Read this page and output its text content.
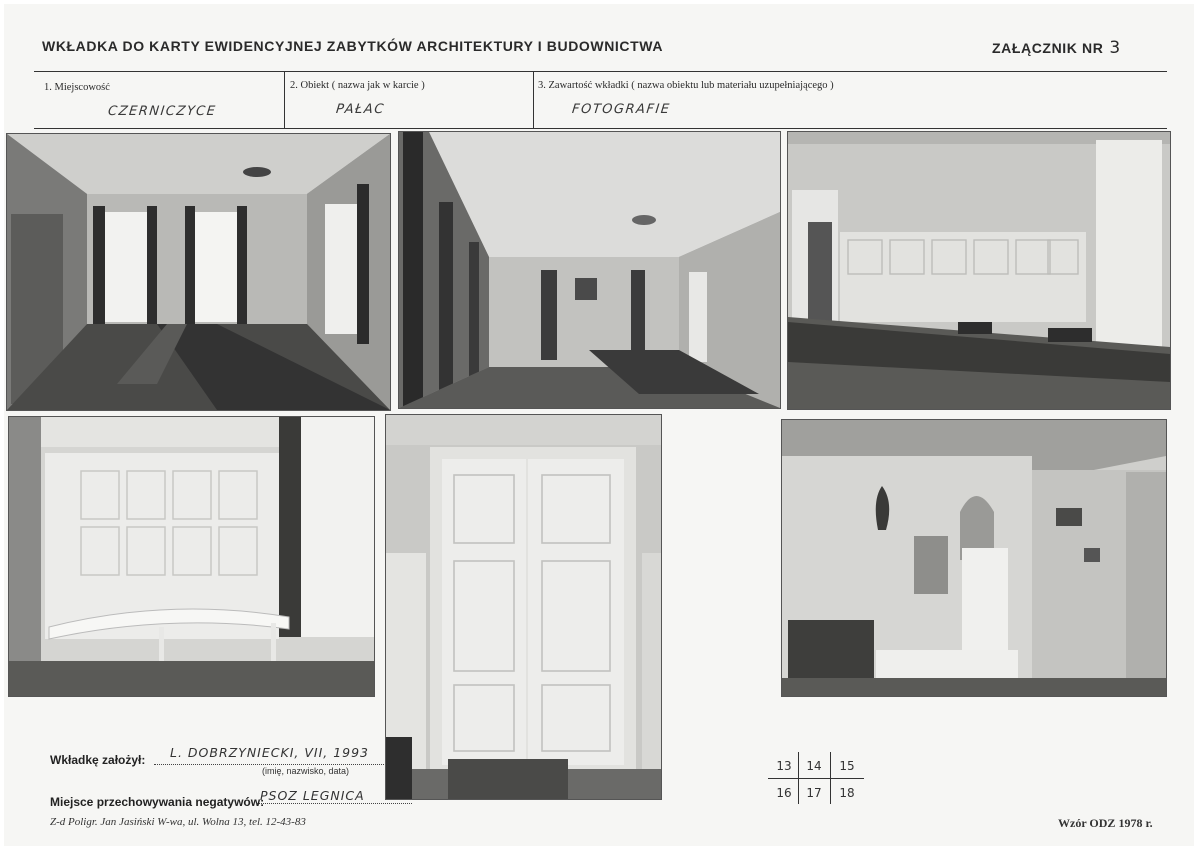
WKŁADKA DO KARTY EWIDENCYJNEJ ZABYTKÓW ARCHITEKTURY I BUDOWNICTWA	ZAŁĄCZNIK NR 3
1. Miejscowość
CZERNICZYCE
2. Obiekt ( nazwa jak w karcie )
PAŁAC
3. Zawartość wkładki ( nazwa obiektu lub materiału uzupełniającego )
FOTOGRAFIE
Wkładkę założył: L. DOBRZYNIECKI, VII, 1993
(imię, nazwisko, data)
Miejsce przechowywania negatywów:
PSOZ LEGNICA
Z-d Poligr. Jan Jasiński W-wa, ul. Wolna 13, tel. 12-43-83	Wzór ODZ 1978 r.
13	14	15
16	17	18
